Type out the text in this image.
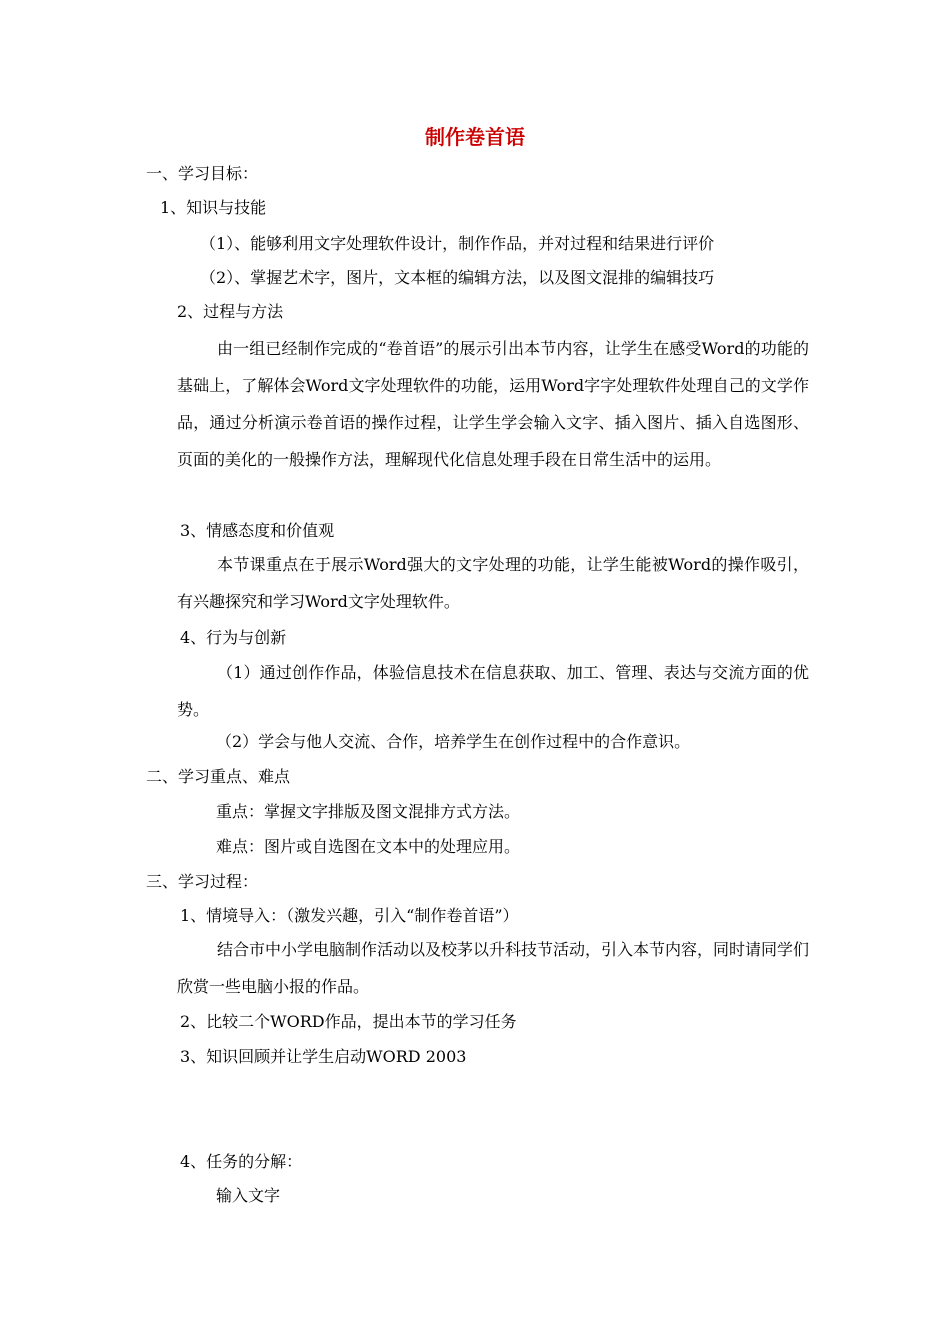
制作卷首语
一、学习目标：
1、知识与技能
（1）、能够利用文字处理软件设计，制作作品，并对过程和结果进行评价
（2）、掌握艺术字，图片，文本框的编辑方法，以及图文混排的编辑技巧
2、过程与方法
由一组已经制作完成的“卷首语”的展示引出本节内容，让学生在感受Word的功能的基础上，了解体会Word文字处理软件的功能，运用Word字字处理软件处理自己的文学作品，通过分析演示卷首语的操作过程，让学生学会输入文字、插入图片、插入自选图形、页面的美化的一般操作方法，理解现代化信息处理手段在日常生活中的运用。
3、情感态度和价值观
本节课重点在于展示Word强大的文字处理的功能，让学生能被Word的操作吸引，有兴趣探究和学习Word文字处理软件。
4、行为与创新
（1）通过创作作品，体验信息技术在信息获取、加工、管理、表达与交流方面的优势。
（2）学会与他人交流、合作，培养学生在创作过程中的合作意识。
二、学习重点、难点
重点：掌握文字排版及图文混排方式方法。
难点：图片或自选图在文本中的处理应用。
三、学习过程：
1、情境导入：（激发兴趣，引入“制作卷首语”）
结合市中小学电脑制作活动以及校茅以升科技节活动，引入本节内容，同时请同学们欣赏一些电脑小报的作品。
2、比较二个WORD作品，提出本节的学习任务
3、知识回顾并让学生启动WORD 2003
4、任务的分解：
输入文字
